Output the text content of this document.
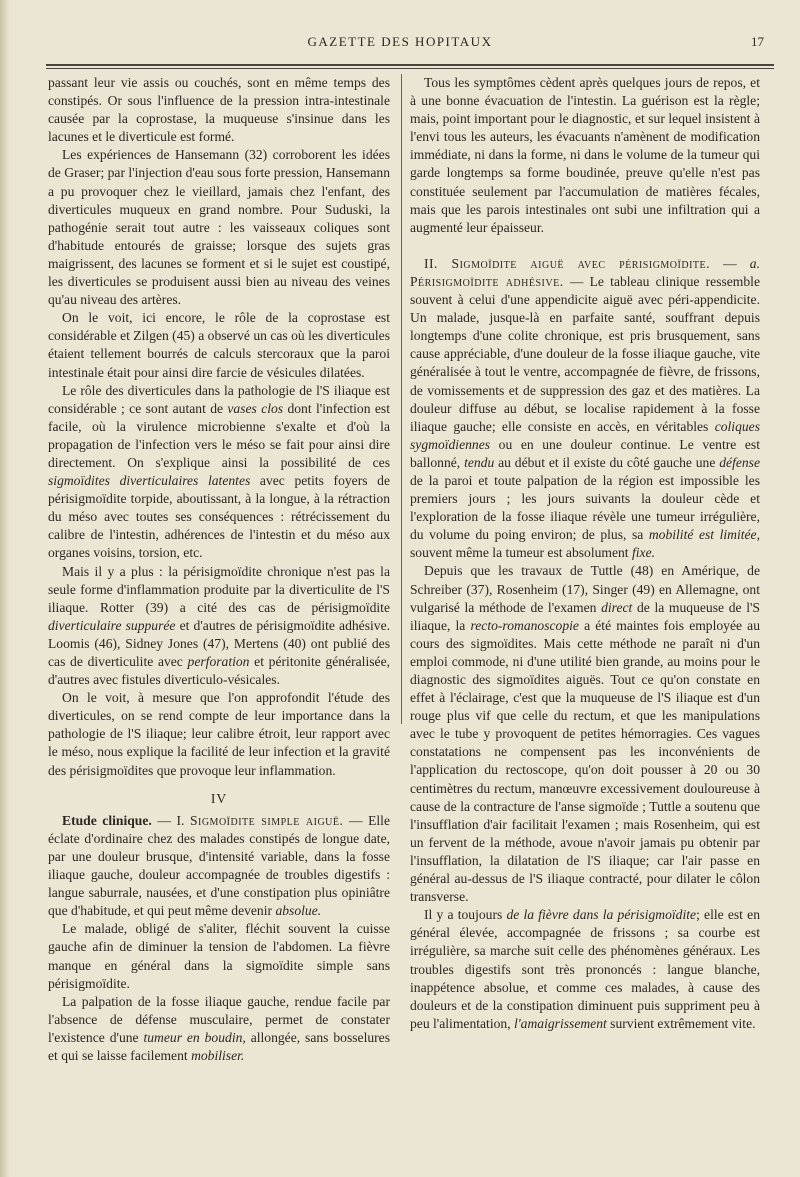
GAZETTE DES HOPITAUX	17

passant leur vie assis ou couchés, sont en même temps des constipés. Or sous l'influence de la pression intra-intestinale causée par la coprostase, la muqueuse s'insinue dans les lacunes et le diverticule est formé.

Les expériences de Hansemann (32) corroborent les idées de Graser; par l'injection d'eau sous forte pression, Hansemann a pu provoquer chez le vieillard, jamais chez l'enfant, des diverticules muqueux en grand nombre. Pour Suduski, la pathogénie serait tout autre : les vaisseaux coliques sont d'habitude entourés de graisse; lorsque des sujets gras maigrissent, des lacunes se forment et si le sujet est coustipé, les diverticules se produisent aussi bien au niveau des veines qu'au niveau des artères.

On le voit, ici encore, le rôle de la coprostase est considérable et Zilgen (45) a observé un cas où les diverticules étaient tellement bourrés de calculs stercoraux que la paroi intestinale était pour ainsi dire farcie de vésicules dilatées.

Le rôle des diverticules dans la pathologie de l'S iliaque est considérable ; ce sont autant de vases clos dont l'infection est facile, où la virulence microbienne s'exalte et d'où la propagation de l'infection vers le méso se fait pour ainsi dire directement. On s'explique ainsi la possibilité de ces sigmoïdites diverticulaires latentes avec petits foyers de périsigmoïdite torpide, aboutissant, à la longue, à la rétraction du méso avec toutes ses conséquences : rétrécissement du calibre de l'intestin, adhérences de l'intestin et du méso aux organes voisins, torsion, etc.

Mais il y a plus : la périsigmoïdite chronique n'est pas la seule forme d'inflammation produite par la diverticulite de l'S iliaque. Rotter (39) a cité des cas de périsigmoïdite diverticulaire suppurée et d'autres de périsigmoïdite adhésive. Loomis (46), Sidney Jones (47), Mertens (40) ont publié des cas de diverticulite avec perforation et péritonite généralisée, d'autres avec fistules diverticulo-vésicales.

On le voit, à mesure que l'on approfondit l'étude des diverticules, on se rend compte de leur importance dans la pathologie de l'S iliaque; leur calibre étroit, leur rapport avec le méso, nous explique la facilité de leur infection et la gravité des périsigmoïdites que provoque leur inflammation.

IV

Etude clinique. — I. Sigmoïdite simple aiguë. — Elle éclate d'ordinaire chez des malades constipés de longue date, par une douleur brusque, d'intensité variable, dans la fosse iliaque gauche, douleur accompagnée de troubles digestifs : langue saburrale, nausées, et d'une constipation plus opiniâtre que d'habitude, et qui peut même devenir absolue.

Le malade, obligé de s'aliter, fléchit souvent la cuisse gauche afin de diminuer la tension de l'abdomen. La fièvre manque en général dans la sigmoïdite simple sans périsigmoïdite.

La palpation de la fosse iliaque gauche, rendue facile par l'absence de défense musculaire, permet de constater l'existence d'une tumeur en boudin, allongée, sans bosselures et qui se laisse facilement mobiliser.

Tous les symptômes cèdent après quelques jours de repos, et à une bonne évacuation de l'intestin. La guérison est la règle; mais, point important pour le diagnostic, et sur lequel insistent à l'envi tous les auteurs, les évacuants n'amènent de modification immédiate, ni dans la forme, ni dans le volume de la tumeur qui garde longtemps sa forme boudinée, preuve qu'elle n'est pas constituée seulement par l'accumulation de matières fécales, mais que les parois intestinales ont subi une infiltration qui a augmenté leur épaisseur.

II. Sigmoïdite aiguë avec périsigmoïdite. — a. Périsigmoïdite adhésive. — Le tableau clinique ressemble souvent à celui d'une appendicite aiguë avec péri-appendicite. Un malade, jusque-là en parfaite santé, souffrant depuis longtemps d'une colite chronique, est pris brusquement, sans cause appréciable, d'une douleur de la fosse iliaque gauche, vite généralisée à tout le ventre, accompagnée de fièvre, de frissons, de vomissements et de suppression des gaz et des matières. La douleur diffuse au début, se localise rapidement à la fosse iliaque gauche; elle consiste en accès, en véritables coliques sygmoïdiennes ou en une douleur continue. Le ventre est ballonné, tendu au début et il existe du côté gauche une défense de la paroi et toute palpation de la région est impossible les premiers jours ; les jours suivants la douleur cède et l'exploration de la fosse iliaque révèle une tumeur irrégulière, du volume du poing environ; de plus, sa mobilité est limitée, souvent même la tumeur est absolument fixe.

Depuis que les travaux de Tuttle (48) en Amérique, de Schreiber (37), Rosenheim (17), Singer (49) en Allemagne, ont vulgarisé la méthode de l'examen direct de la muqueuse de l'S iliaque, la recto-romanoscopie a été maintes fois employée au cours des sigmoïdites. Mais cette méthode ne paraît ni d'un emploi commode, ni d'une utilité bien grande, au moins pour le diagnostic des sigmoïdites aiguës. Tout ce qu'on constate en effet à l'éclairage, c'est que la muqueuse de l'S iliaque est d'un rouge plus vif que celle du rectum, et que les manipulations avec le tube y provoquent de petites hémorragies. Ces vagues constatations ne compensent pas les inconvénients de l'application du rectoscope, qu'on doit pousser à 20 ou 30 centimètres du rectum, manœuvre excessivement douloureuse à cause de la contracture de l'anse sigmoïde ; Tuttle a soutenu que l'insufflation d'air facilitait l'examen ; mais Rosenheim, qui est un fervent de la méthode, avoue n'avoir jamais pu obtenir par l'insufflation, la dilatation de l'S iliaque; car l'air passe en général au-dessus de l'S iliaque contracté, pour dilater le côlon transverse.

Il y a toujours de la fièvre dans la périsigmoïdite; elle est en général élevée, accompagnée de frissons ; sa courbe est irrégulière, sa marche suit celle des phénomènes généraux. Les troubles digestifs sont très prononcés : langue blanche, inappétence absolue, et comme ces malades, à cause des douleurs et de la constipation diminuent puis suppriment peu à peu l'alimentation, l'amaigrissement survient extrêmement vite.
